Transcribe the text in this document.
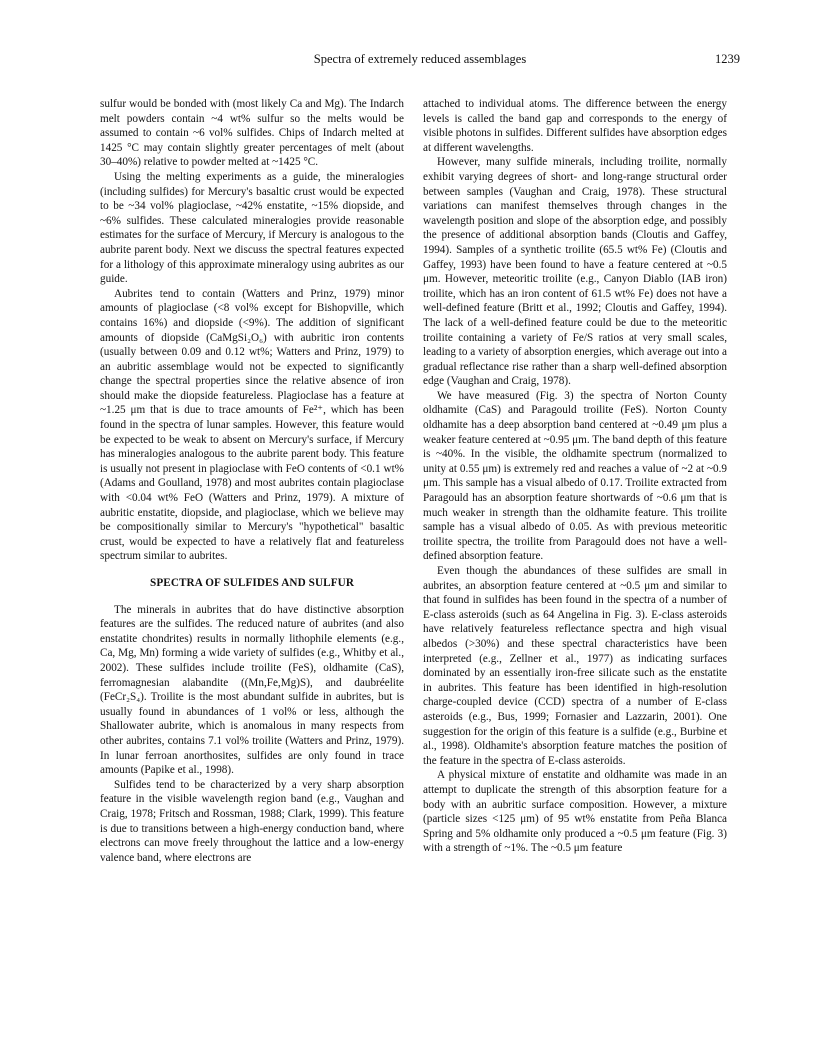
Spectra of extremely reduced assemblages	1239

sulfur would be bonded with (most likely Ca and Mg). The Indarch melt powders contain ~4 wt% sulfur so the melts would be assumed to contain ~6 vol% sulfides. Chips of Indarch melted at 1425 °C may contain slightly greater percentages of melt (about 30–40%) relative to powder melted at ~1425 °C.

Using the melting experiments as a guide, the mineralogies (including sulfides) for Mercury's basaltic crust would be expected to be ~34 vol% plagioclase, ~42% enstatite, ~15% diopside, and ~6% sulfides. These calculated mineralogies provide reasonable estimates for the surface of Mercury, if Mercury is analogous to the aubrite parent body. Next we discuss the spectral features expected for a lithology of this approximate mineralogy using aubrites as our guide.

Aubrites tend to contain (Watters and Prinz, 1979) minor amounts of plagioclase (<8 vol% except for Bishopville, which contains 16%) and diopside (<9%). The addition of significant amounts of diopside (CaMgSi₂O₆) with aubritic iron contents (usually between 0.09 and 0.12 wt%; Watters and Prinz, 1979) to an aubritic assemblage would not be expected to significantly change the spectral properties since the relative absence of iron should make the diopside featureless. Plagioclase has a feature at ~1.25 μm that is due to trace amounts of Fe²⁺, which has been found in the spectra of lunar samples. However, this feature would be expected to be weak to absent on Mercury's surface, if Mercury has mineralogies analogous to the aubrite parent body. This feature is usually not present in plagioclase with FeO contents of <0.1 wt% (Adams and Goulland, 1978) and most aubrites contain plagioclase with <0.04 wt% FeO (Watters and Prinz, 1979). A mixture of aubritic enstatite, diopside, and plagioclase, which we believe may be compositionally similar to Mercury's "hypothetical" basaltic crust, would be expected to have a relatively flat and featureless spectrum similar to aubrites.

SPECTRA OF SULFIDES AND SULFUR

The minerals in aubrites that do have distinctive absorption features are the sulfides. The reduced nature of aubrites (and also enstatite chondrites) results in normally lithophile elements (e.g., Ca, Mg, Mn) forming a wide variety of sulfides (e.g., Whitby et al., 2002). These sulfides include troilite (FeS), oldhamite (CaS), ferromagnesian alabandite ((Mn,Fe,Mg)S), and daubréelite (FeCr₂S₄). Troilite is the most abundant sulfide in aubrites, but is usually found in abundances of 1 vol% or less, although the Shallowater aubrite, which is anomalous in many respects from other aubrites, contains 7.1 vol% troilite (Watters and Prinz, 1979). In lunar ferroan anorthosites, sulfides are only found in trace amounts (Papike et al., 1998).

Sulfides tend to be characterized by a very sharp absorption feature in the visible wavelength region band (e.g., Vaughan and Craig, 1978; Fritsch and Rossman, 1988; Clark, 1999). This feature is due to transitions between a high-energy conduction band, where electrons can move freely throughout the lattice and a low-energy valence band, where electrons are

attached to individual atoms. The difference between the energy levels is called the band gap and corresponds to the energy of visible photons in sulfides. Different sulfides have absorption edges at different wavelengths.

However, many sulfide minerals, including troilite, normally exhibit varying degrees of short- and long-range structural order between samples (Vaughan and Craig, 1978). These structural variations can manifest themselves through changes in the wavelength position and slope of the absorption edge, and possibly the presence of additional absorption bands (Cloutis and Gaffey, 1994). Samples of a synthetic troilite (65.5 wt% Fe) (Cloutis and Gaffey, 1993) have been found to have a feature centered at ~0.5 μm. However, meteoritic troilite (e.g., Canyon Diablo (IAB iron) troilite, which has an iron content of 61.5 wt% Fe) does not have a well-defined feature (Britt et al., 1992; Cloutis and Gaffey, 1994). The lack of a well-defined feature could be due to the meteoritic troilite containing a variety of Fe/S ratios at very small scales, leading to a variety of absorption energies, which average out into a gradual reflectance rise rather than a sharp well-defined absorption edge (Vaughan and Craig, 1978).

We have measured (Fig. 3) the spectra of Norton County oldhamite (CaS) and Paragould troilite (FeS). Norton County oldhamite has a deep absorption band centered at ~0.49 μm plus a weaker feature centered at ~0.95 μm. The band depth of this feature is ~40%. In the visible, the oldhamite spectrum (normalized to unity at 0.55 μm) is extremely red and reaches a value of ~2 at ~0.9 μm. This sample has a visual albedo of 0.17. Troilite extracted from Paragould has an absorption feature shortwards of ~0.6 μm that is much weaker in strength than the oldhamite feature. This troilite sample has a visual albedo of 0.05. As with previous meteoritic troilite spectra, the troilite from Paragould does not have a well-defined absorption feature.

Even though the abundances of these sulfides are small in aubrites, an absorption feature centered at ~0.5 μm and similar to that found in sulfides has been found in the spectra of a number of E-class asteroids (such as 64 Angelina in Fig. 3). E-class asteroids have relatively featureless reflectance spectra and high visual albedos (>30%) and these spectral characteristics have been interpreted (e.g., Zellner et al., 1977) as indicating surfaces dominated by an essentially iron-free silicate such as the enstatite in aubrites. This feature has been identified in high-resolution charge-coupled device (CCD) spectra of a number of E-class asteroids (e.g., Bus, 1999; Fornasier and Lazzarin, 2001). One suggestion for the origin of this feature is a sulfide (e.g., Burbine et al., 1998). Oldhamite's absorption feature matches the position of the feature in the spectra of E-class asteroids.

A physical mixture of enstatite and oldhamite was made in an attempt to duplicate the strength of this absorption feature for a body with an aubritic surface composition. However, a mixture (particle sizes <125 μm) of 95 wt% enstatite from Peña Blanca Spring and 5% oldhamite only produced a ~0.5 μm feature (Fig. 3) with a strength of ~1%. The ~0.5 μm feature
